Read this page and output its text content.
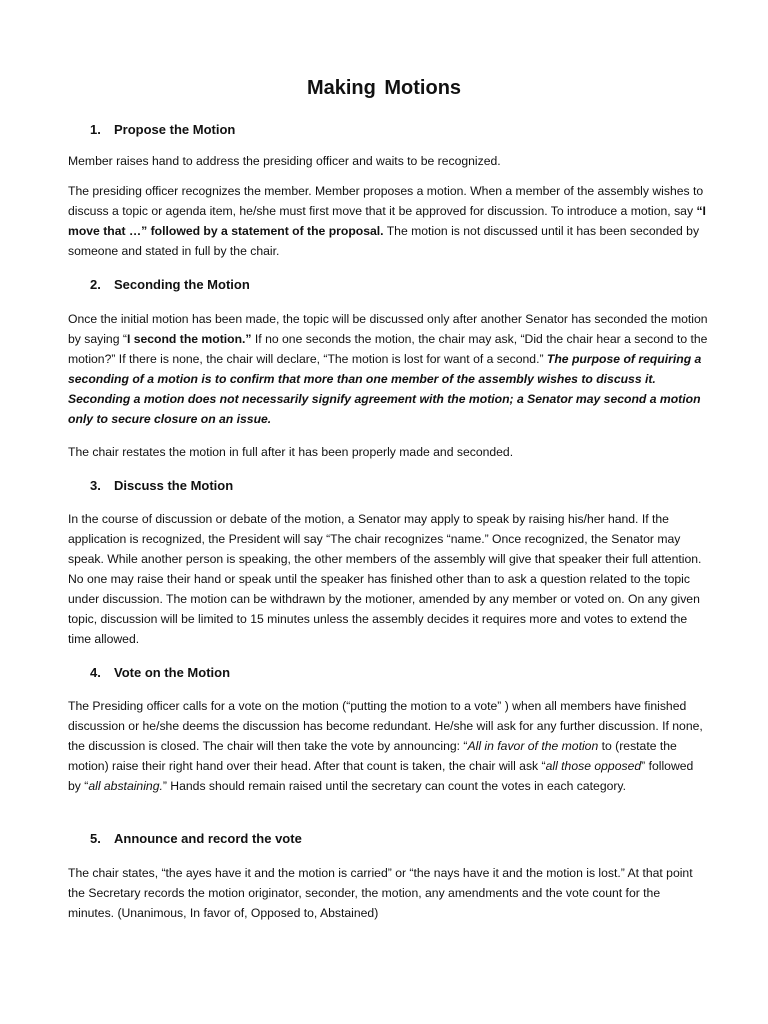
Making Motions
1. Propose the Motion

Member raises hand to address the presiding officer and waits to be recognized.

The presiding officer recognizes the member. Member proposes a motion. When a member of the assembly wishes to discuss a topic or agenda item, he/she must first move that it be approved for discussion. To introduce a motion, say “I move that …” followed by a statement of the proposal. The motion is not discussed until it has been seconded by someone and stated in full by the chair.

2. Seconding the Motion

Once the initial motion has been made, the topic will be discussed only after another Senator has seconded the motion by saying “I second the motion.” If no one seconds the motion, the chair may ask, “Did the chair hear a second to the motion?” If there is none, the chair will declare, “The motion is lost for want of a second.” The purpose of requiring a seconding of a motion is to confirm that more than one member of the assembly wishes to discuss it. Seconding a motion does not necessarily signify agreement with the motion; a Senator may second a motion only to secure closure on an issue.

The chair restates the motion in full after it has been properly made and seconded.

3. Discuss the Motion

In the course of discussion or debate of the motion, a Senator may apply to speak by raising his/her hand. If the application is recognized, the President will say “The chair recognizes “name.” Once recognized, the Senator may speak. While another person is speaking, the other members of the assembly will give that speaker their full attention. No one may raise their hand or speak until the speaker has finished other than to ask a question related to the topic under discussion. The motion can be withdrawn by the motioner, amended by any member or voted on. On any given topic, discussion will be limited to 15 minutes unless the assembly decides it requires more and votes to extend the time allowed.

4. Vote on the Motion

The Presiding officer calls for a vote on the motion (“putting the motion to a vote” ) when all members have finished discussion or he/she deems the discussion has become redundant. He/she will ask for any further discussion. If none, the discussion is closed. The chair will then take the vote by announcing: “All in favor of the motion to (restate the motion) raise their right hand over their head. After that count is taken, the chair will ask “all those opposed” followed by “all abstaining.” Hands should remain raised until the secretary can count the votes in each category.

5. Announce and record the vote

The chair states, “the ayes have it and the motion is carried” or “the nays have it and the motion is lost.” At that point the Secretary records the motion originator, seconder, the motion, any amendments and the vote count for the minutes. (Unanimous, In favor of, Opposed to, Abstained)
